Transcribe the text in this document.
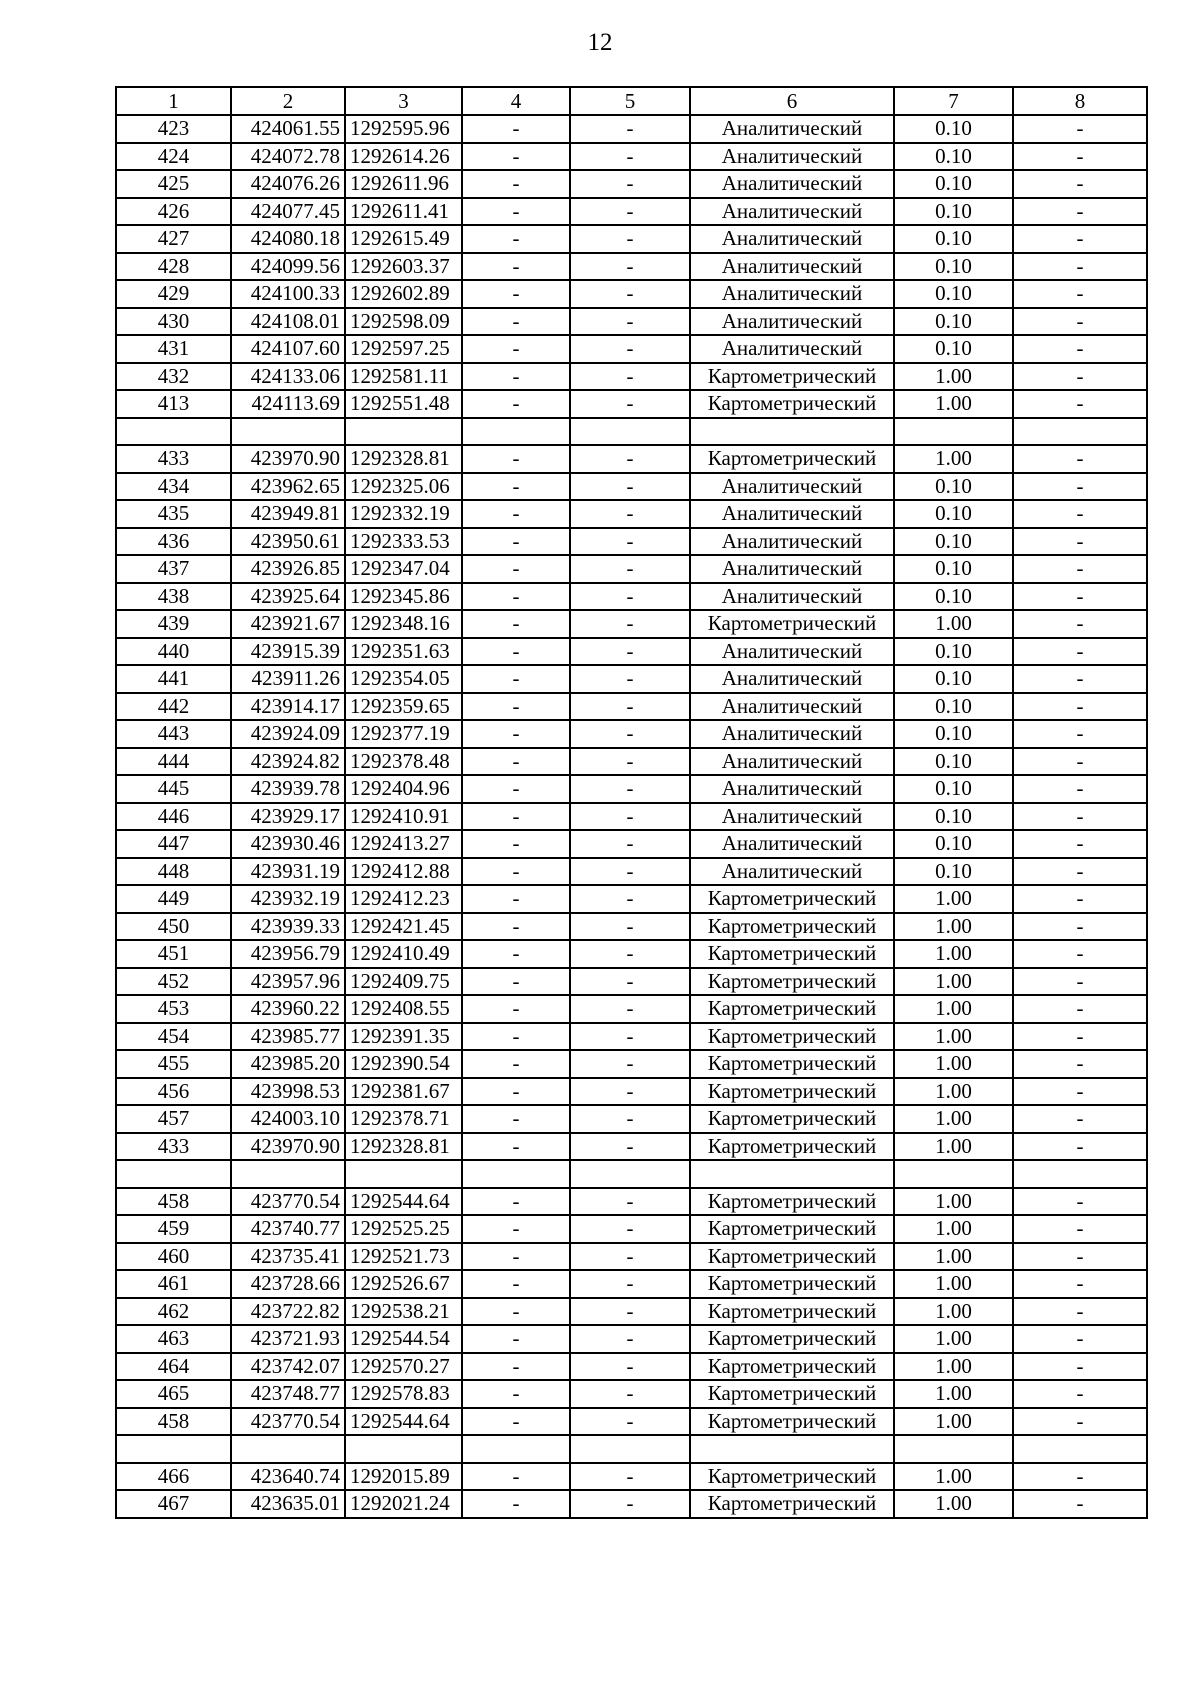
12
1	2	3	4	5	6	7	8
423	424061.55	1292595.96	-	-	Аналитический	0.10	-
424	424072.78	1292614.26	-	-	Аналитический	0.10	-
425	424076.26	1292611.96	-	-	Аналитический	0.10	-
426	424077.45	1292611.41	-	-	Аналитический	0.10	-
427	424080.18	1292615.49	-	-	Аналитический	0.10	-
428	424099.56	1292603.37	-	-	Аналитический	0.10	-
429	424100.33	1292602.89	-	-	Аналитический	0.10	-
430	424108.01	1292598.09	-	-	Аналитический	0.10	-
431	424107.60	1292597.25	-	-	Аналитический	0.10	-
432	424133.06	1292581.11	-	-	Картометрический	1.00	-
413	424113.69	1292551.48	-	-	Картометрический	1.00	-

433	423970.90	1292328.81	-	-	Картометрический	1.00	-
434	423962.65	1292325.06	-	-	Аналитический	0.10	-
435	423949.81	1292332.19	-	-	Аналитический	0.10	-
436	423950.61	1292333.53	-	-	Аналитический	0.10	-
437	423926.85	1292347.04	-	-	Аналитический	0.10	-
438	423925.64	1292345.86	-	-	Аналитический	0.10	-
439	423921.67	1292348.16	-	-	Картометрический	1.00	-
440	423915.39	1292351.63	-	-	Аналитический	0.10	-
441	423911.26	1292354.05	-	-	Аналитический	0.10	-
442	423914.17	1292359.65	-	-	Аналитический	0.10	-
443	423924.09	1292377.19	-	-	Аналитический	0.10	-
444	423924.82	1292378.48	-	-	Аналитический	0.10	-
445	423939.78	1292404.96	-	-	Аналитический	0.10	-
446	423929.17	1292410.91	-	-	Аналитический	0.10	-
447	423930.46	1292413.27	-	-	Аналитический	0.10	-
448	423931.19	1292412.88	-	-	Аналитический	0.10	-
449	423932.19	1292412.23	-	-	Картометрический	1.00	-
450	423939.33	1292421.45	-	-	Картометрический	1.00	-
451	423956.79	1292410.49	-	-	Картометрический	1.00	-
452	423957.96	1292409.75	-	-	Картометрический	1.00	-
453	423960.22	1292408.55	-	-	Картометрический	1.00	-
454	423985.77	1292391.35	-	-	Картометрический	1.00	-
455	423985.20	1292390.54	-	-	Картометрический	1.00	-
456	423998.53	1292381.67	-	-	Картометрический	1.00	-
457	424003.10	1292378.71	-	-	Картометрический	1.00	-
433	423970.90	1292328.81	-	-	Картометрический	1.00	-

458	423770.54	1292544.64	-	-	Картометрический	1.00	-
459	423740.77	1292525.25	-	-	Картометрический	1.00	-
460	423735.41	1292521.73	-	-	Картометрический	1.00	-
461	423728.66	1292526.67	-	-	Картометрический	1.00	-
462	423722.82	1292538.21	-	-	Картометрический	1.00	-
463	423721.93	1292544.54	-	-	Картометрический	1.00	-
464	423742.07	1292570.27	-	-	Картометрический	1.00	-
465	423748.77	1292578.83	-	-	Картометрический	1.00	-
458	423770.54	1292544.64	-	-	Картометрический	1.00	-

466	423640.74	1292015.89	-	-	Картометрический	1.00	-
467	423635.01	1292021.24	-	-	Картометрический	1.00	-
